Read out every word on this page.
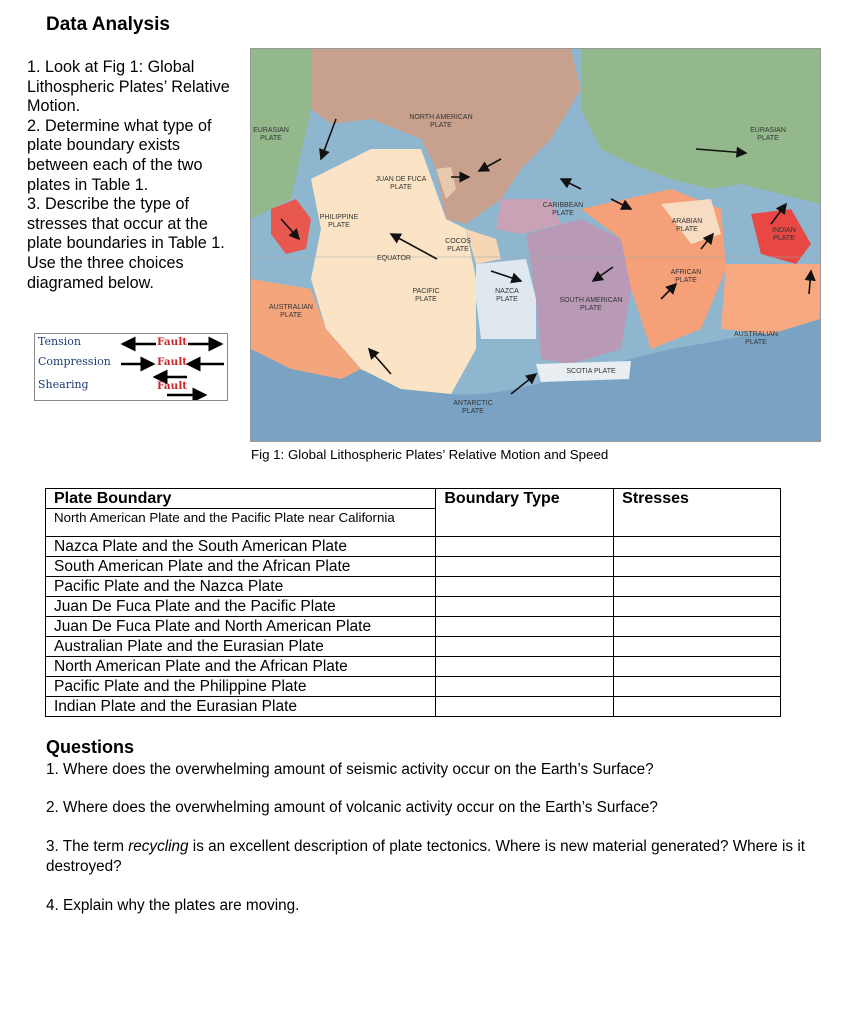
Data Analysis

1. Look at Fig 1: Global Lithospheric Plates’ Relative Motion.

2. Determine what type of plate boundary exists between each of the two plates in Table 1.

3. Describe the type of stresses that occur at the plate boundaries in Table 1. Use the three choices diagramed below.

Tension
Compression
Shearing
Fault
Fault
Fault
NORTH AMERICAN PLATE
EURASIAN PLATE
EURASIAN PLATE
JUAN DE FUCA PLATE
PHILIPPINE PLATE
CARIBBEAN PLATE
COCOS PLATE
EQUATOR
PACIFIC PLATE
NAZCA PLATE	SOUTH AMERICAN PLATE
ARABIAN PLATE
AFRICAN PLATE
INDIAN PLATE
AUSTRALIAN PLATE
AUSTRALIAN PLATE
SCOTIA PLATE
ANTARCTIC PLATE
Fig 1: Global Lithospheric Plates’ Relative Motion and Speed
Plate Boundary	Boundary Type	Stresses
North American Plate and the Pacific Plate near California		
Nazca Plate and the South American Plate		
South American Plate and the African Plate		
Pacific Plate and the Nazca Plate		
Juan De Fuca Plate and the Pacific Plate		
Juan De Fuca Plate and North American Plate		
Australian Plate and the Eurasian Plate		
North American Plate and the African Plate		
Pacific Plate and the Philippine Plate		
Indian Plate and the Eurasian Plate		
Questions
1. Where does the overwhelming amount of seismic activity occur on the Earth’s Surface?
2. Where does the overwhelming amount of volcanic activity occur on the Earth’s Surface?
3. The term recycling is an excellent description of plate tectonics. Where is new material generated? Where is it destroyed?
4. Explain why the plates are moving.
